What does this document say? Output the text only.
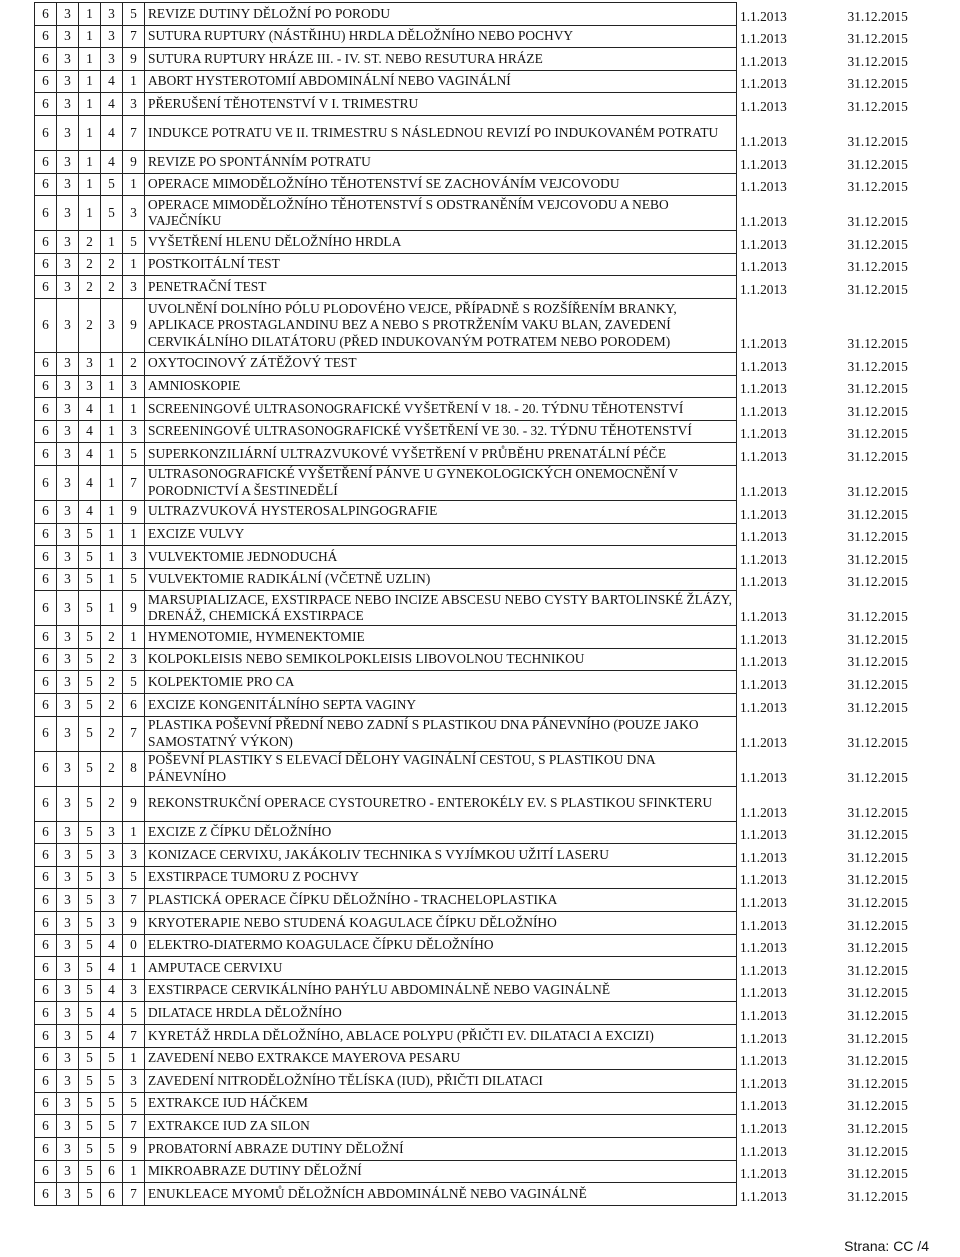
6	3	1	3	5	REVIZE DUTINY DĚLOŽNÍ PO PORODU	1.1.2013	31.12.2015
6	3	1	3	7	SUTURA RUPTURY (NÁSTŘIHU) HRDLA DĚLOŽNÍHO NEBO POCHVY	1.1.2013	31.12.2015
6	3	1	3	9	SUTURA RUPTURY HRÁZE III. - IV. ST. NEBO RESUTURA HRÁZE	1.1.2013	31.12.2015
6	3	1	4	1	ABORT HYSTEROTOMIÍ ABDOMINÁLNÍ NEBO VAGINÁLNÍ	1.1.2013	31.12.2015
6	3	1	4	3	PŘERUŠENÍ TĚHOTENSTVÍ V I. TRIMESTRU	1.1.2013	31.12.2015
6	3	1	4	7	INDUKCE POTRATU VE II. TRIMESTRU S NÁSLEDNOU REVIZÍ PO INDUKOVANÉM POTRATU	1.1.2013	31.12.2015
6	3	1	4	9	REVIZE PO SPONTÁNNÍM POTRATU	1.1.2013	31.12.2015
6	3	1	5	1	OPERACE MIMODĚLOŽNÍHO TĚHOTENSTVÍ SE ZACHOVÁNÍM VEJCOVODU	1.1.2013	31.12.2015
6	3	1	5	3	OPERACE MIMODĚLOŽNÍHO TĚHOTENSTVÍ S ODSTRANĚNÍM VEJCOVODU A NEBO VAJEČNÍKU	1.1.2013	31.12.2015
6	3	2	1	5	VYŠETŘENÍ HLENU DĚLOŽNÍHO HRDLA	1.1.2013	31.12.2015
6	3	2	2	1	POSTKOITÁLNÍ TEST	1.1.2013	31.12.2015
6	3	2	2	3	PENETRAČNÍ TEST	1.1.2013	31.12.2015
6	3	2	3	9	UVOLNĚNÍ DOLNÍHO PÓLU PLODOVÉHO VEJCE, PŘÍPADNĚ S ROZŠÍŘENÍM BRANKY, APLIKACE PROSTAGLANDINU BEZ A NEBO S PROTRŽENÍM VAKU BLAN, ZAVEDENÍ CERVIKÁLNÍHO DILATÁTORU (PŘED INDUKOVANÝM POTRATEM NEBO PORODEM)	1.1.2013	31.12.2015
6	3	3	1	2	OXYTOCINOVÝ ZÁTĚŽOVÝ TEST	1.1.2013	31.12.2015
6	3	3	1	3	AMNIOSKOPIE	1.1.2013	31.12.2015
6	3	4	1	1	SCREENINGOVÉ ULTRASONOGRAFICKÉ VYŠETŘENÍ V 18. - 20. TÝDNU TĚHOTENSTVÍ	1.1.2013	31.12.2015
6	3	4	1	3	SCREENINGOVÉ ULTRASONOGRAFICKÉ VYŠETŘENÍ VE 30. - 32. TÝDNU TĚHOTENSTVÍ	1.1.2013	31.12.2015
6	3	4	1	5	SUPERKONZILIÁRNÍ ULTRAZVUKOVÉ VYŠETŘENÍ V PRŮBĚHU PRENATÁLNÍ PÉČE	1.1.2013	31.12.2015
6	3	4	1	7	ULTRASONOGRAFICKÉ VYŠETŘENÍ PÁNVE U GYNEKOLOGICKÝCH ONEMOCNĚNÍ V PORODNICTVÍ A ŠESTINEDĚLÍ	1.1.2013	31.12.2015
6	3	4	1	9	ULTRAZVUKOVÁ HYSTEROSALPINGOGRAFIE	1.1.2013	31.12.2015
6	3	5	1	1	EXCIZE VULVY	1.1.2013	31.12.2015
6	3	5	1	3	VULVEKTOMIE JEDNODUCHÁ	1.1.2013	31.12.2015
6	3	5	1	5	VULVEKTOMIE RADIKÁLNÍ (VČETNĚ UZLIN)	1.1.2013	31.12.2015
6	3	5	1	9	MARSUPIALIZACE, EXSTIRPACE NEBO INCIZE ABSCESU NEBO CYSTY BARTOLINSKÉ ŽLÁZY, DRENÁŽ, CHEMICKÁ EXSTIRPACE	1.1.2013	31.12.2015
6	3	5	2	1	HYMENOTOMIE, HYMENEKTOMIE	1.1.2013	31.12.2015
6	3	5	2	3	KOLPOKLEISIS NEBO SEMIKOLPOKLEISIS LIBOVOLNOU TECHNIKOU	1.1.2013	31.12.2015
6	3	5	2	5	KOLPEKTOMIE PRO CA	1.1.2013	31.12.2015
6	3	5	2	6	EXCIZE KONGENITÁLNÍHO SEPTA VAGINY	1.1.2013	31.12.2015
6	3	5	2	7	PLASTIKA POŠEVNÍ PŘEDNÍ NEBO ZADNÍ S PLASTIKOU DNA PÁNEVNÍHO (POUZE JAKO SAMOSTATNÝ VÝKON)	1.1.2013	31.12.2015
6	3	5	2	8	POŠEVNÍ PLASTIKY S ELEVACÍ DĚLOHY VAGINÁLNÍ CESTOU, S PLASTIKOU DNA PÁNEVNÍHO	1.1.2013	31.12.2015
6	3	5	2	9	REKONSTRUKČNÍ OPERACE CYSTOURETRO - ENTEROKÉLY EV. S PLASTIKOU SFINKTERU	1.1.2013	31.12.2015
6	3	5	3	1	EXCIZE Z ČÍPKU DĚLOŽNÍHO	1.1.2013	31.12.2015
6	3	5	3	3	KONIZACE CERVIXU, JAKÁKOLIV TECHNIKA S VYJÍMKOU UŽITÍ LASERU	1.1.2013	31.12.2015
6	3	5	3	5	EXSTIRPACE TUMORU Z POCHVY	1.1.2013	31.12.2015
6	3	5	3	7	PLASTICKÁ OPERACE ČÍPKU DĚLOŽNÍHO - TRACHELOPLASTIKA	1.1.2013	31.12.2015
6	3	5	3	9	KRYOTERAPIE NEBO STUDENÁ KOAGULACE ČÍPKU DĚLOŽNÍHO	1.1.2013	31.12.2015
6	3	5	4	0	ELEKTRO-DIATERMO KOAGULACE ČÍPKU DĚLOŽNÍHO	1.1.2013	31.12.2015
6	3	5	4	1	AMPUTACE CERVIXU	1.1.2013	31.12.2015
6	3	5	4	3	EXSTIRPACE CERVIKÁLNÍHO PAHÝLU ABDOMINÁLNĚ NEBO VAGINÁLNĚ	1.1.2013	31.12.2015
6	3	5	4	5	DILATACE HRDLA DĚLOŽNÍHO	1.1.2013	31.12.2015
6	3	5	4	7	KYRETÁŽ HRDLA DĚLOŽNÍHO, ABLACE POLYPU (PŘIČTI EV. DILATACI A EXCIZI)	1.1.2013	31.12.2015
6	3	5	5	1	ZAVEDENÍ NEBO EXTRAKCE MAYEROVA PESARU	1.1.2013	31.12.2015
6	3	5	5	3	ZAVEDENÍ NITRODĚLOŽNÍHO TĚLÍSKA (IUD), PŘIČTI DILATACI	1.1.2013	31.12.2015
6	3	5	5	5	EXTRAKCE IUD HÁČKEM	1.1.2013	31.12.2015
6	3	5	5	7	EXTRAKCE IUD ZA SILON	1.1.2013	31.12.2015
6	3	5	5	9	PROBATORNÍ ABRAZE DUTINY DĚLOŽNÍ	1.1.2013	31.12.2015
6	3	5	6	1	MIKROABRAZE DUTINY DĚLOŽNÍ	1.1.2013	31.12.2015
6	3	5	6	7	ENUKLEACE MYOMŮ DĚLOŽNÍCH ABDOMINÁLNĚ NEBO VAGINÁLNĚ	1.1.2013	31.12.2015
Strana: CC /4
